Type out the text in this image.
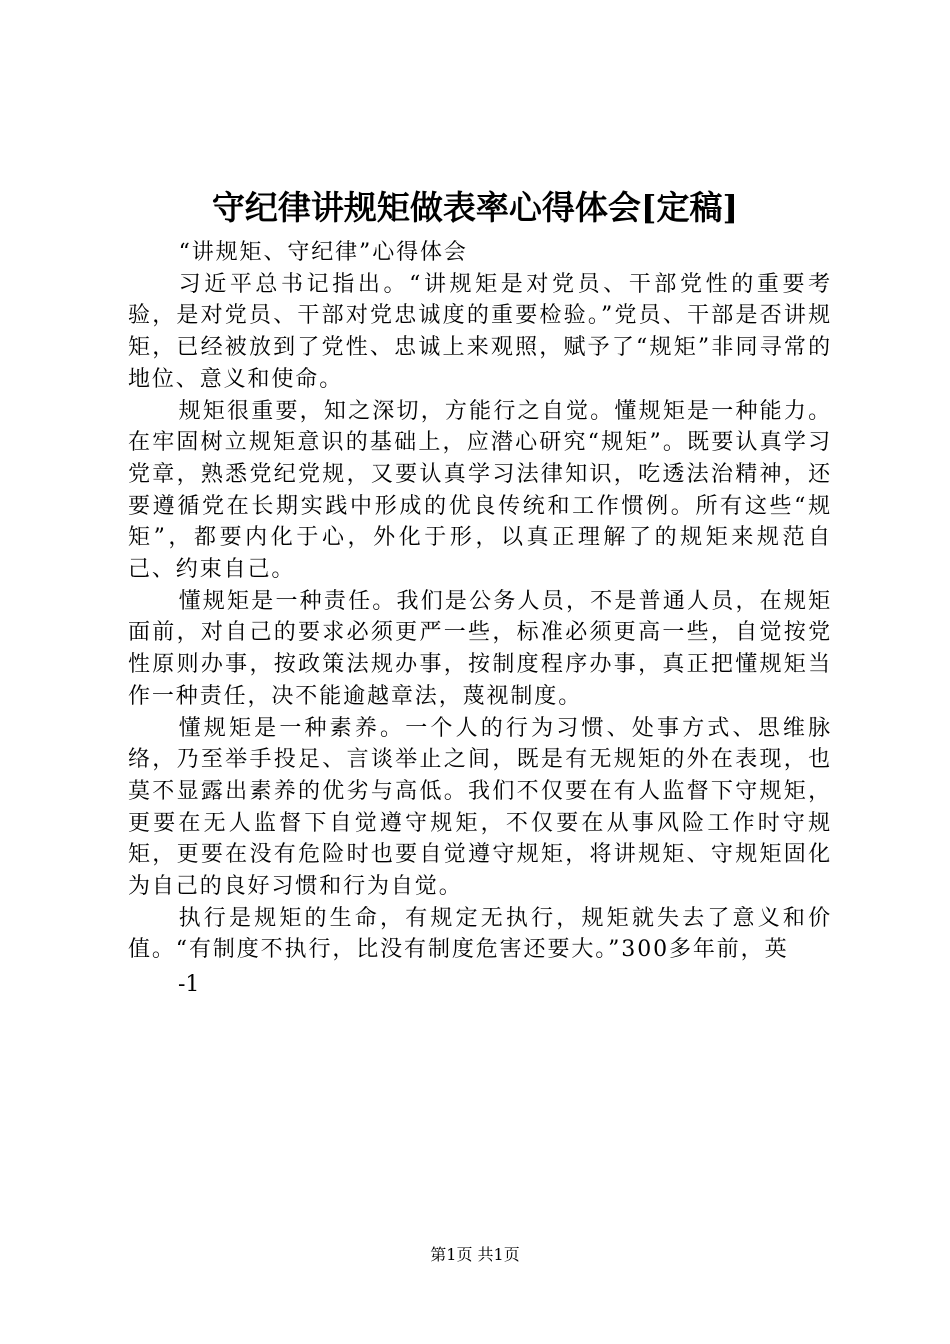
守纪律讲规矩做表率心得体会[定稿]

“讲规矩、守纪律”心得体会

习近平总书记指出。“讲规矩是对党员、干部党性的重要考验，是对党员、干部对党忠诚度的重要检验。”党员、干部是否讲规矩，已经被放到了党性、忠诚上来观照，赋予了“规矩”非同寻常的地位、意义和使命。

规矩很重要，知之深切，方能行之自觉。懂规矩是一种能力。在牢固树立规矩意识的基础上，应潜心研究“规矩”。既要认真学习党章，熟悉党纪党规，又要认真学习法律知识，吃透法治精神，还要遵循党在长期实践中形成的优良传统和工作惯例。所有这些“规矩”，都要内化于心，外化于形，以真正理解了的规矩来规范自己、约束自己。

懂规矩是一种责任。我们是公务人员，不是普通人员，在规矩面前，对自己的要求必须更严一些，标准必须更高一些，自觉按党性原则办事，按政策法规办事，按制度程序办事，真正把懂规矩当作一种责任，决不能逾越章法，蔑视制度。

懂规矩是一种素养。一个人的行为习惯、处事方式、思维脉络，乃至举手投足、言谈举止之间，既是有无规矩的外在表现，也莫不显露出素养的优劣与高低。我们不仅要在有人监督下守规矩，更要在无人监督下自觉遵守规矩，不仅要在从事风险工作时守规矩，更要在没有危险时也要自觉遵守规矩，将讲规矩、守规矩固化为自己的良好习惯和行为自觉。

执行是规矩的生命，有规定无执行，规矩就失去了意义和价值。“有制度不执行，比没有制度危害还要大。”300多年前，英

-1
第1页 共1页
